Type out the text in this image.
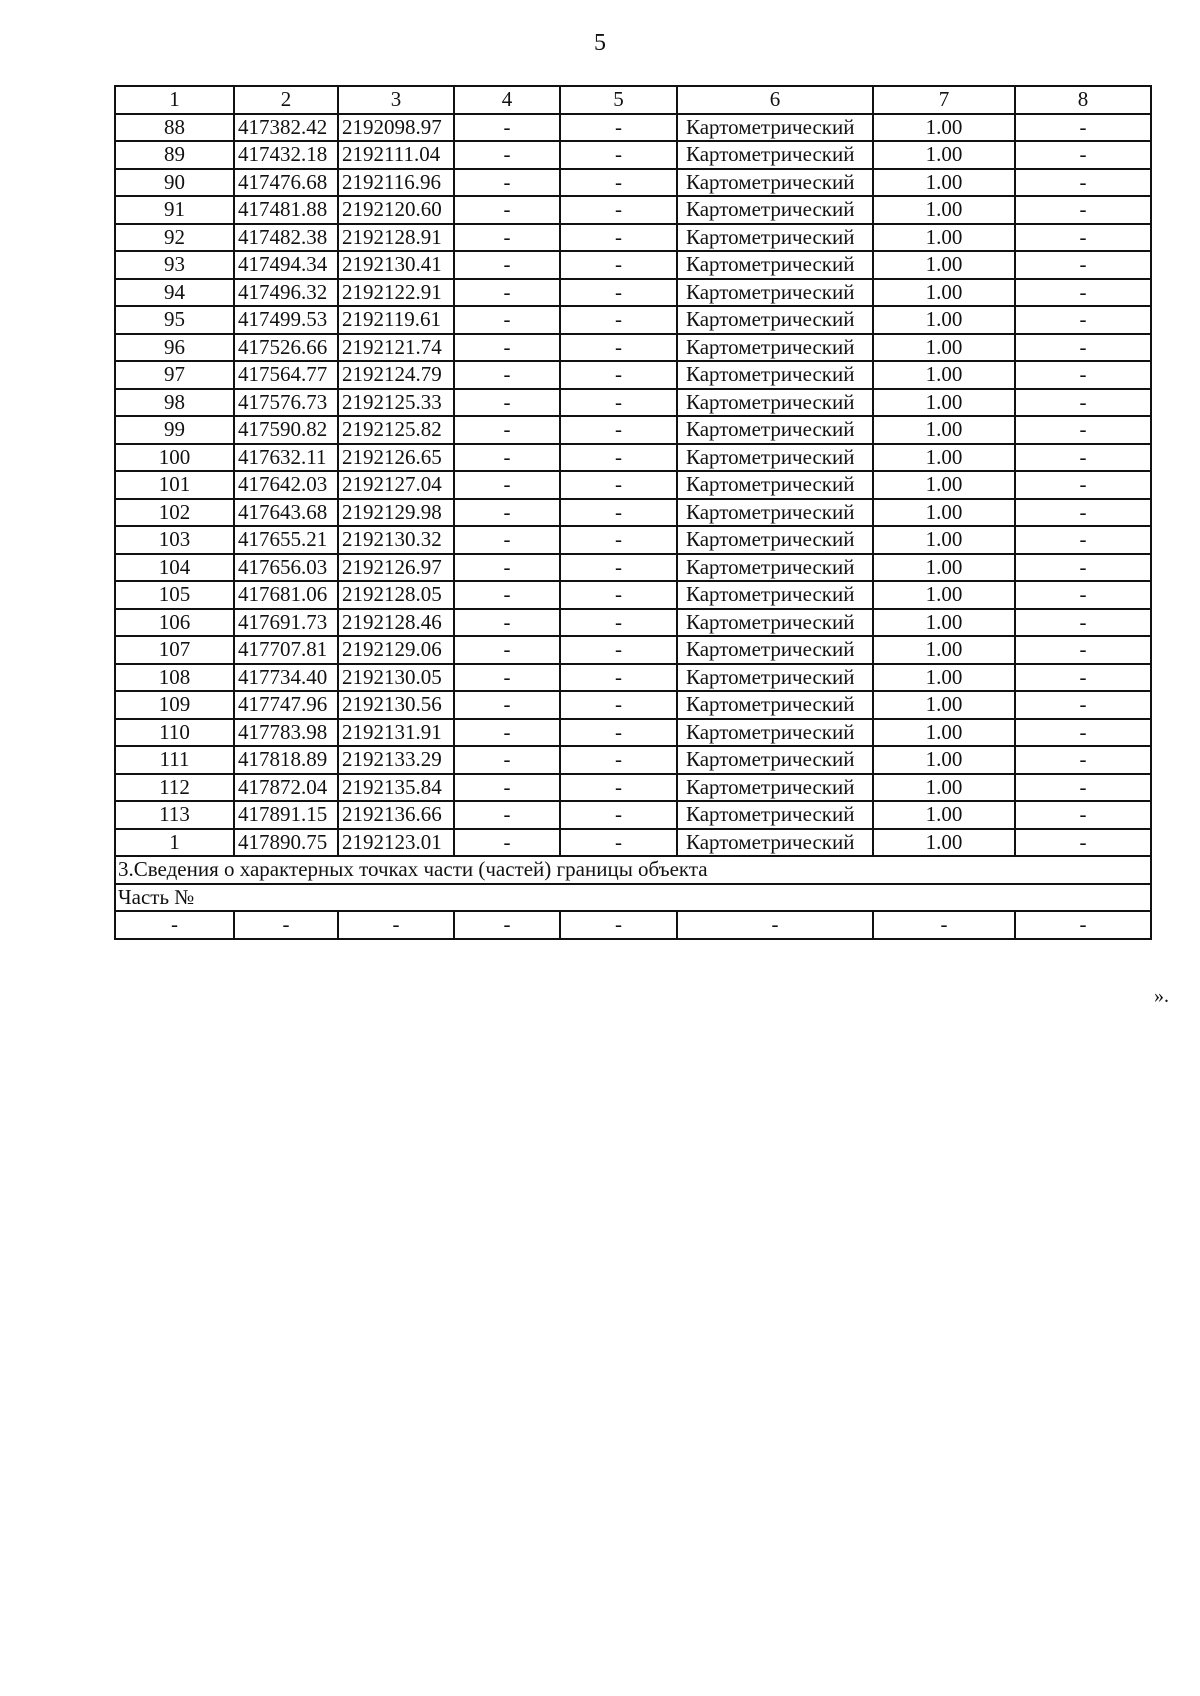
5
1	2	3	4	5	6	7	8
88	417382.42	2192098.97	-	-	Картометрический	1.00	-
89	417432.18	2192111.04	-	-	Картометрический	1.00	-
90	417476.68	2192116.96	-	-	Картометрический	1.00	-
91	417481.88	2192120.60	-	-	Картометрический	1.00	-
92	417482.38	2192128.91	-	-	Картометрический	1.00	-
93	417494.34	2192130.41	-	-	Картометрический	1.00	-
94	417496.32	2192122.91	-	-	Картометрический	1.00	-
95	417499.53	2192119.61	-	-	Картометрический	1.00	-
96	417526.66	2192121.74	-	-	Картометрический	1.00	-
97	417564.77	2192124.79	-	-	Картометрический	1.00	-
98	417576.73	2192125.33	-	-	Картометрический	1.00	-
99	417590.82	2192125.82	-	-	Картометрический	1.00	-
100	417632.11	2192126.65	-	-	Картометрический	1.00	-
101	417642.03	2192127.04	-	-	Картометрический	1.00	-
102	417643.68	2192129.98	-	-	Картометрический	1.00	-
103	417655.21	2192130.32	-	-	Картометрический	1.00	-
104	417656.03	2192126.97	-	-	Картометрический	1.00	-
105	417681.06	2192128.05	-	-	Картометрический	1.00	-
106	417691.73	2192128.46	-	-	Картометрический	1.00	-
107	417707.81	2192129.06	-	-	Картометрический	1.00	-
108	417734.40	2192130.05	-	-	Картометрический	1.00	-
109	417747.96	2192130.56	-	-	Картометрический	1.00	-
110	417783.98	2192131.91	-	-	Картометрический	1.00	-
111	417818.89	2192133.29	-	-	Картометрический	1.00	-
112	417872.04	2192135.84	-	-	Картометрический	1.00	-
113	417891.15	2192136.66	-	-	Картометрический	1.00	-
1	417890.75	2192123.01	-	-	Картометрический	1.00	-
3.Сведения о характерных точках части (частей) границы объекта							
Часть №							
-	-	-	-	-	-	-	-
».
